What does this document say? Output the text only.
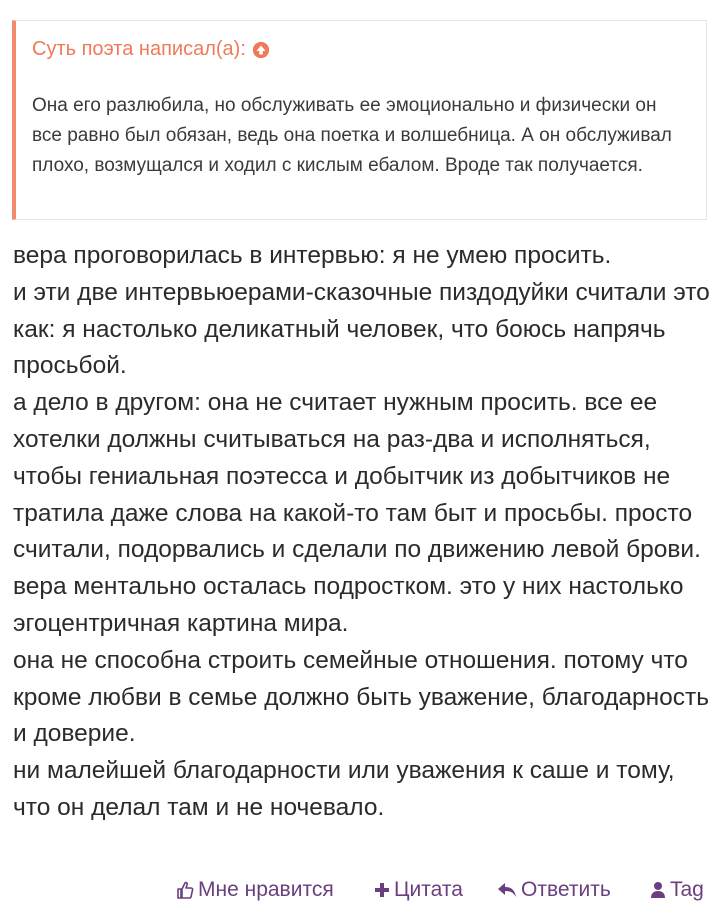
Суть поэта написал(а):
Она его разлюбила, но обслуживать ее эмоционально и физически он все равно был обязан, ведь она поетка и волшебница. А он обслуживал плохо, возмущался и ходил с кислым ебалом. Вроде так получается.

вера проговорилась в интервью: я не умею просить.

и эти две интервьюерами-сказочные пиздодуйки считали это как: я настолько деликатный человек, что боюсь напрячь просьбой.

а дело в другом: она не считает нужным просить. все ее хотелки должны считываться на раз-два и исполняться, чтобы гениальная поэтесса и добытчик из добытчиков не тратила даже слова на какой-то там быт и просьбы. просто считали, подорвались и сделали по движению левой брови.

вера ментально осталась подростком. это у них настолько эгоцентричная картина мира.

она не способна строить семейные отношения. потому что кроме любви в семье должно быть уважение, благодарность и доверие.

ни малейшей благодарности или уважения к саше и тому, что он делал там и не ночевало.

Мне нравится	Цитата	Ответить	Tag
